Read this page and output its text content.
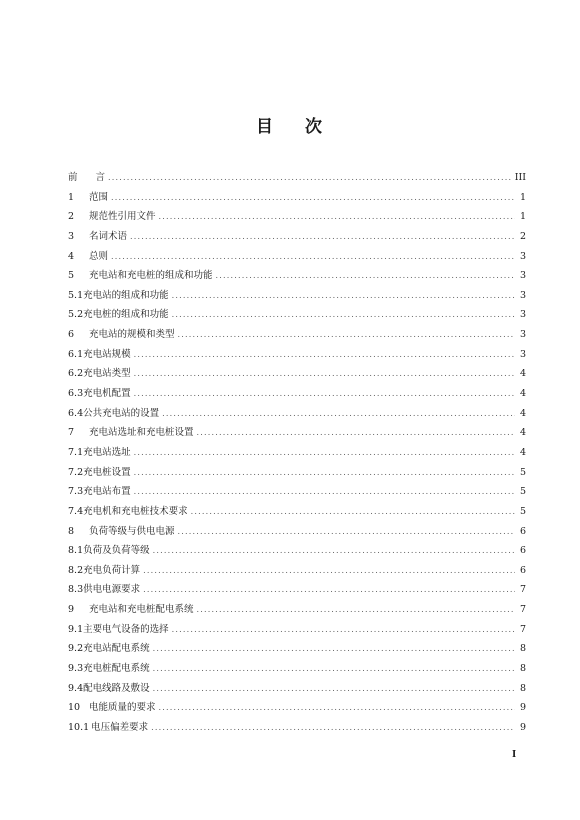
目 次
前	言 .....	III
1	范围 .....	1
2	规范性引用文件 .....	1
3	名词术语 .....	2
4	总则 .....	3
5	充电站和充电桩的组成和功能 .....	3
5.1 充电站的组成和功能 .....	3
5.2 充电桩的组成和功能 .....	3
6	充电站的规模和类型 .....	3
6.1 充电站规模 .....	3
6.2 充电站类型 .....	4
6.3 充电机配置 .....	4
6.4 公共充电站的设置 .....	4
7	充电站选址和充电桩设置 .....	4
7.1 充电站选址 .....	4
7.2 充电桩设置 .....	5
7.3 充电站布置 .....	5
7.4 充电机和充电桩技术要求 .....	5
8	负荷等级与供电电源 .....	6
8.1 负荷及负荷等级 .....	6
8.2 充电负荷计算 .....	6
8.3 供电电源要求 .....	7
9	充电站和充电桩配电系统 .....	7
9.1 主要电气设备的选择 .....	7
9.2 充电站配电系统 .....	8
9.3 充电桩配电系统 .....	8
9.4 配电线路及敷设 .....	8
10 电能质量的要求 .....	9
10.1 电压偏差要求 .....	9
I
